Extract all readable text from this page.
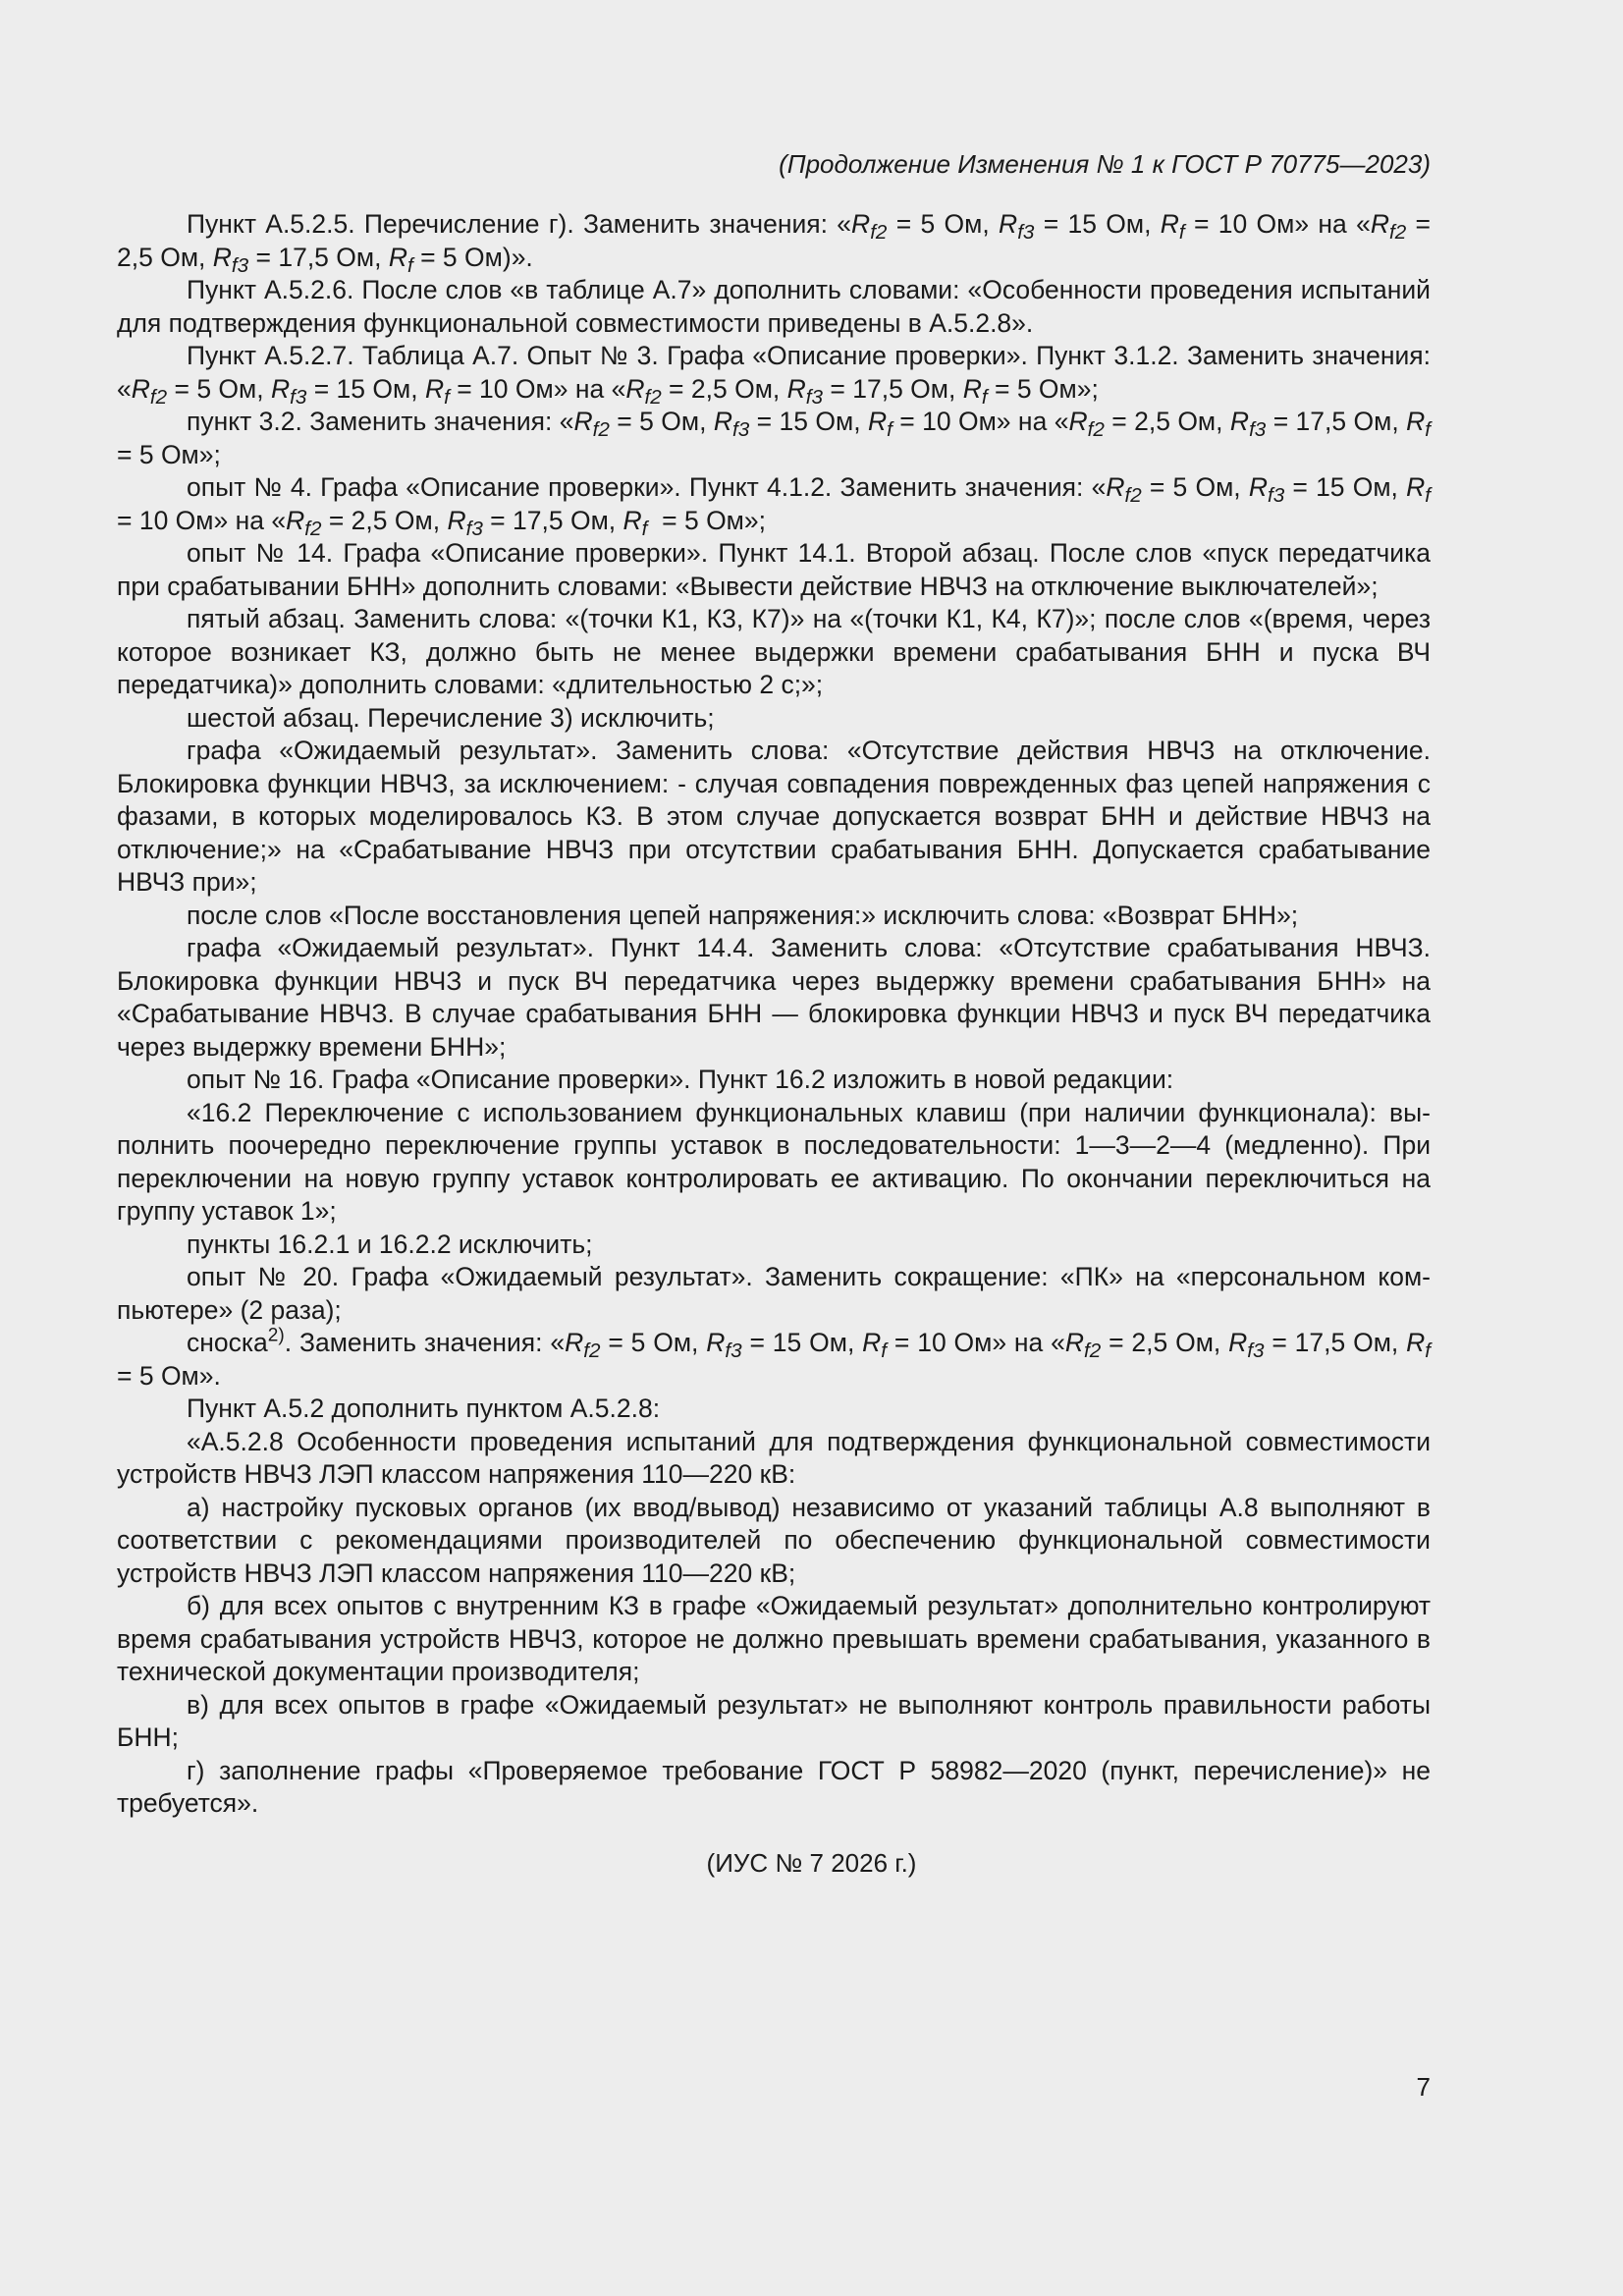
(Продолжение Изменения № 1 к ГОСТ Р 70775—2023)

Пункт А.5.2.5. Перечисление г). Заменить значения: «$R_{f2} = 5$ Ом, $R_{f3} = 15$ Ом, $R_f = 10$ Ом» на «$R_{f2} = 2,5$ Ом, $R_{f3} = 17,5$ Ом, $R_f = 5$ Ом)».

Пункт А.5.2.6. После слов «в таблице А.7» дополнить словами: «Особенности проведения испытаний для подтверждения функциональной совместимости приведены в А.5.2.8».

Пункт А.5.2.7. Таблица А.7. Опыт № 3. Графа «Описание проверки». Пункт 3.1.2. Заменить значения: «$R_{f2} = 5$ Ом, $R_{f3} = 15$ Ом, $R_f = 10$ Ом» на «$R_{f2} = 2,5$ Ом, $R_{f3} = 17,5$ Ом, $R_f = 5$ Ом»;

пункт 3.2. Заменить значения: «$R_{f2} = 5$ Ом, $R_{f3} = 15$ Ом, $R_f = 10$ Ом» на «$R_{f2} = 2,5$ Ом, $R_{f3} = 17,5$ Ом, $R_f = 5$ Ом»;

опыт № 4. Графа «Описание проверки». Пункт 4.1.2. Заменить значения: «$R_{f2} = 5$ Ом, $R_{f3} = 15$ Ом, $R_f = 10$ Ом» на «$R_{f2} = 2,5$ Ом, $R_{f3} = 17,5$ Ом, $R_f = 5$ Ом»;

опыт № 14. Графа «Описание проверки». Пункт 14.1. Второй абзац. После слов «пуск передатчика при срабатывании БНН» дополнить словами: «Вывести действие НВЧЗ на отключение выключателей»;

пятый абзац. Заменить слова: «(точки К1, К3, К7)» на «(точки К1, К4, К7)»; после слов «(время, через которое возникает КЗ, должно быть не менее выдержки времени срабатывания БНН и пуска ВЧ передатчика)» дополнить словами: «длительностью 2 с;»;

шестой абзац. Перечисление 3) исключить;

графа «Ожидаемый результат». Заменить слова: «Отсутствие действия НВЧЗ на отключение. Блокировка функции НВЧЗ, за исключением: - случая совпадения поврежденных фаз цепей напряжения с фазами, в которых моделировалось КЗ. В этом случае допускается возврат БНН и действие НВЧЗ на отключение;» на «Срабатывание НВЧЗ при отсутствии срабатывания БНН. Допускается срабатывание НВЧЗ при»;

после слов «После восстановления цепей напряжения:» исключить слова: «Возврат БНН»;

графа «Ожидаемый результат». Пункт 14.4. Заменить слова: «Отсутствие срабатывания НВЧЗ. Блокировка функции НВЧЗ и пуск ВЧ передатчика через выдержку времени срабатывания БНН» на «Срабатывание НВЧЗ. В случае срабатывания БНН — блокировка функции НВЧЗ и пуск ВЧ передатчика через выдержку времени БНН»;

опыт № 16. Графа «Описание проверки». Пункт 16.2 изложить в новой редакции:

«16.2 Переключение с использованием функциональных клавиш (при наличии функционала): выполнить поочередно переключение группы уставок в последовательности: 1—3—2—4 (медленно). При переключении на новую группу уставок контролировать ее активацию. По окончании переключиться на группу уставок 1»;

пункты 16.2.1 и 16.2.2 исключить;

опыт № 20. Графа «Ожидаемый результат». Заменить сокращение: «ПК» на «персональном компьютере» (2 раза);

сноска$^{2)}$. Заменить значения: «$R_{f2} = 5$ Ом, $R_{f3} = 15$ Ом, $R_f = 10$ Ом» на «$R_{f2} = 2,5$ Ом, $R_{f3} = 17,5$ Ом, $R_f = 5$ Ом».

Пункт А.5.2 дополнить пунктом А.5.2.8:

«А.5.2.8 Особенности проведения испытаний для подтверждения функциональной совместимости устройств НВЧЗ ЛЭП классом напряжения 110—220 кВ:

а) настройку пусковых органов (их ввод/вывод) независимо от указаний таблицы А.8 выполняют в соответствии с рекомендациями производителей по обеспечению функциональной совместимости устройств НВЧЗ ЛЭП классом напряжения 110—220 кВ;

б) для всех опытов с внутренним КЗ в графе «Ожидаемый результат» дополнительно контролируют время срабатывания устройств НВЧЗ, которое не должно превышать времени срабатывания, указанного в технической документации производителя;

в) для всех опытов в графе «Ожидаемый результат» не выполняют контроль правильности работы БНН;

г) заполнение графы «Проверяемое требование ГОСТ Р 58982—2020 (пункт, перечисление)» не требуется».

(ИУС № 7 2026 г.)
7
